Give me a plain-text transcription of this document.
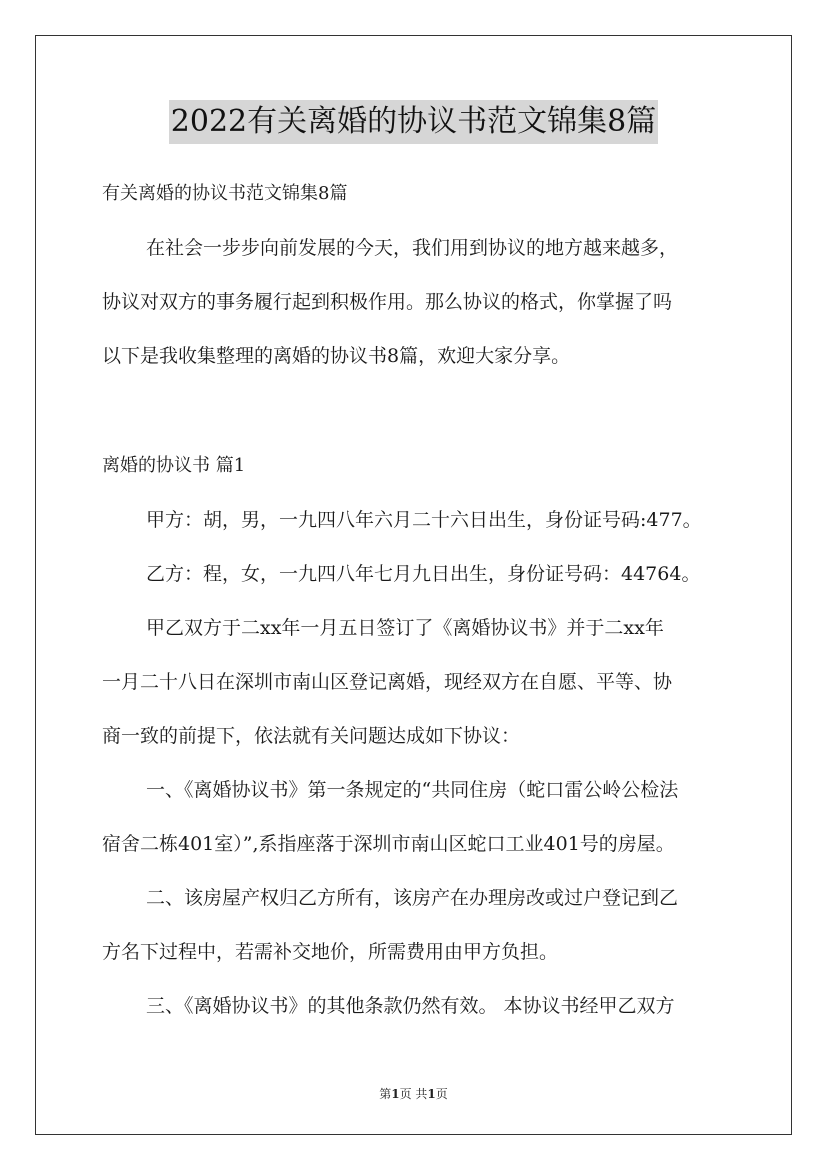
2022有关离婚的协议书范文锦集8篇
有关离婚的协议书范文锦集8篇
在社会一步步向前发展的今天，我们用到协议的地方越来越多，
协议对双方的事务履行起到积极作用。那么协议的格式，你掌握了吗
以下是我收集整理的离婚的协议书8篇，欢迎大家分享。
离婚的协议书 篇1
甲方：胡，男，一九四八年六月二十六日出生，身份证号码:477。
乙方：程，女，一九四八年七月九日出生，身份证号码：44764。
甲乙双方于二xx年一月五日签订了《离婚协议书》并于二xx年
一月二十八日在深圳市南山区登记离婚，现经双方在自愿、平等、协
商一致的前提下，依法就有关问题达成如下协议：
一、《离婚协议书》第一条规定的“共同住房（蛇口雷公岭公检法
宿舍二栋401室）”,系指座落于深圳市南山区蛇口工业401号的房屋。
二、该房屋产权归乙方所有，该房产在办理房改或过户登记到乙
方名下过程中，若需补交地价，所需费用由甲方负担。
三、《离婚协议书》的其他条款仍然有效。 本协议书经甲乙双方
第1页 共1页
